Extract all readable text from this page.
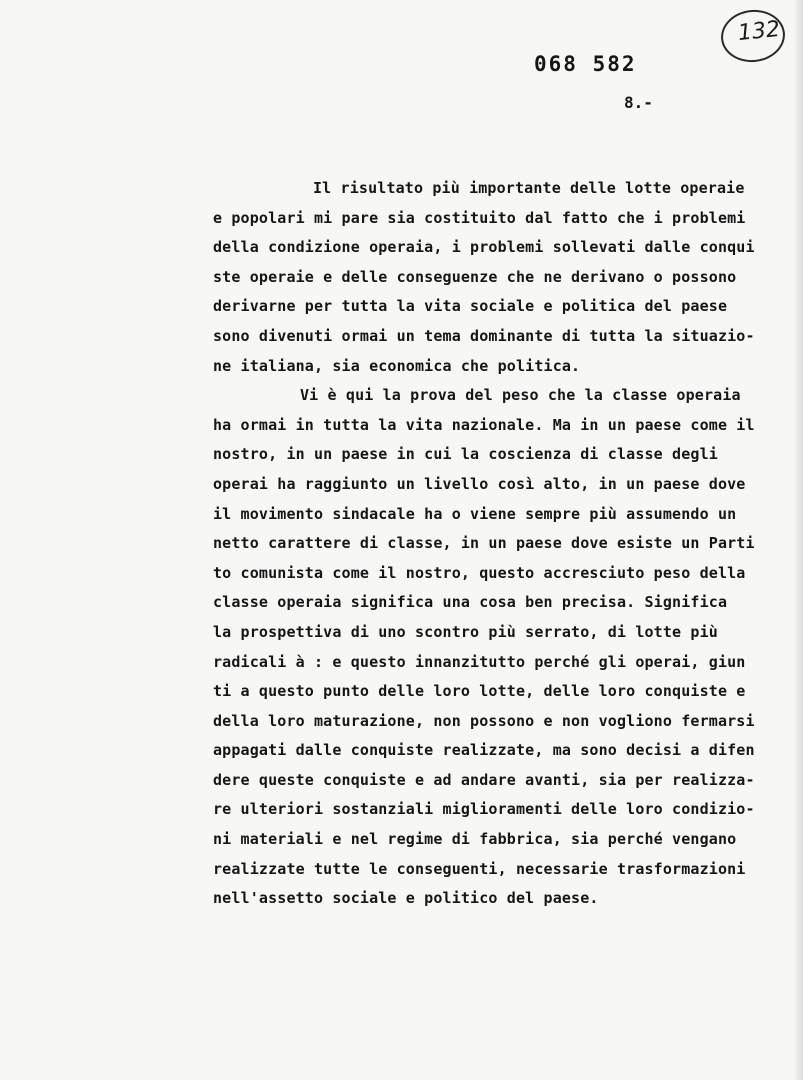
132
068 582
8.-
Il risultato più importante delle lotte operaie
e popolari mi pare sia costituito dal fatto che i problemi
della condizione operaia, i problemi sollevati dalle conqui
ste operaie e delle conseguenze che ne derivano o possono
derivarne per tutta la vita sociale e politica del paese
sono divenuti ormai un tema dominante di tutta la situazio-
ne italiana, sia economica che politica.
Vi è qui la prova del peso che la classe operaia
ha ormai in tutta la vita nazionale. Ma in un paese come il
nostro, in un paese in cui la coscienza di classe degli
operai ha raggiunto un livello così alto, in un paese dove
il movimento sindacale ha o viene sempre più assumendo un
netto carattere di classe, in un paese dove esiste un Parti
to comunista come il nostro, questo accresciuto peso della
classe operaia significa una cosa ben precisa. Significa
la prospettiva di uno scontro più serrato, di lotte più
radicali à : e questo innanzitutto perché gli operai, giun
ti a questo punto delle loro lotte, delle loro conquiste e
della loro maturazione, non possono e non vogliono fermarsi
appagati dalle conquiste realizzate, ma sono decisi a difen
dere queste conquiste e ad andare avanti, sia per realizza-
re ulteriori sostanziali miglioramenti delle loro condizio-
ni materiali e nel regime di fabbrica, sia perché vengano
realizzate tutte le conseguenti, necessarie trasformazioni
nell'assetto sociale e politico del paese.
